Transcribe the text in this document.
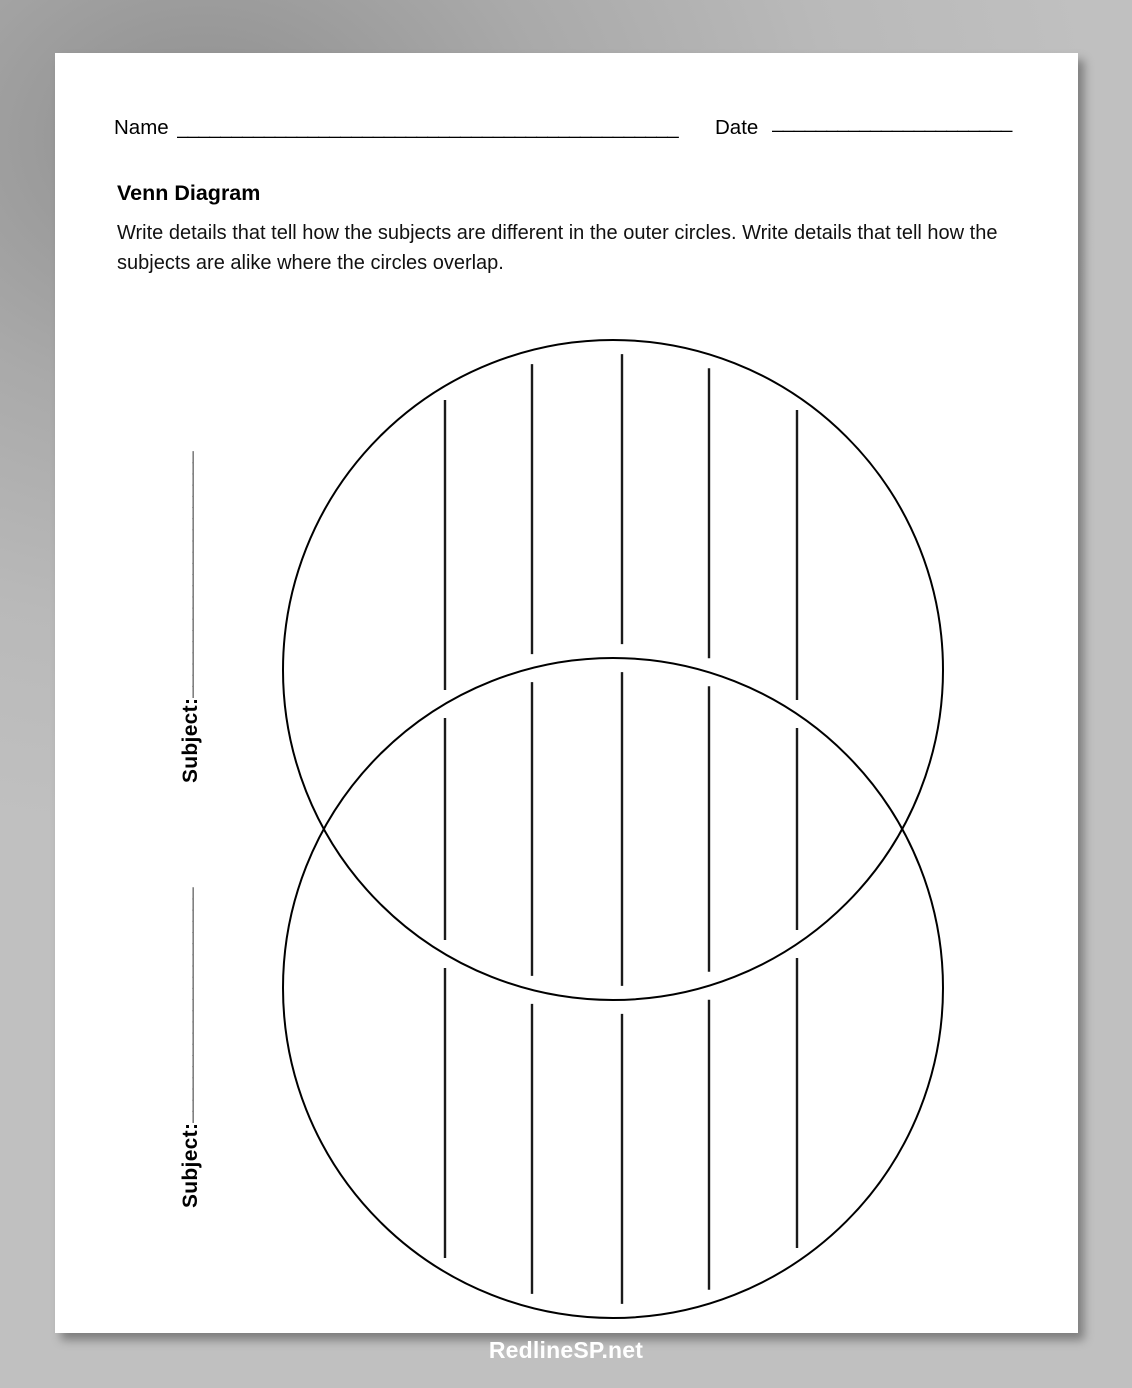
Name ______________________________________________	Date ______________________
Venn Diagram
Write details that tell how the subjects are different in the outer circles. Write details that tell how the subjects are alike where the circles overlap.
Subject:______________________
Subject:_____________________
RedlineSP.net
